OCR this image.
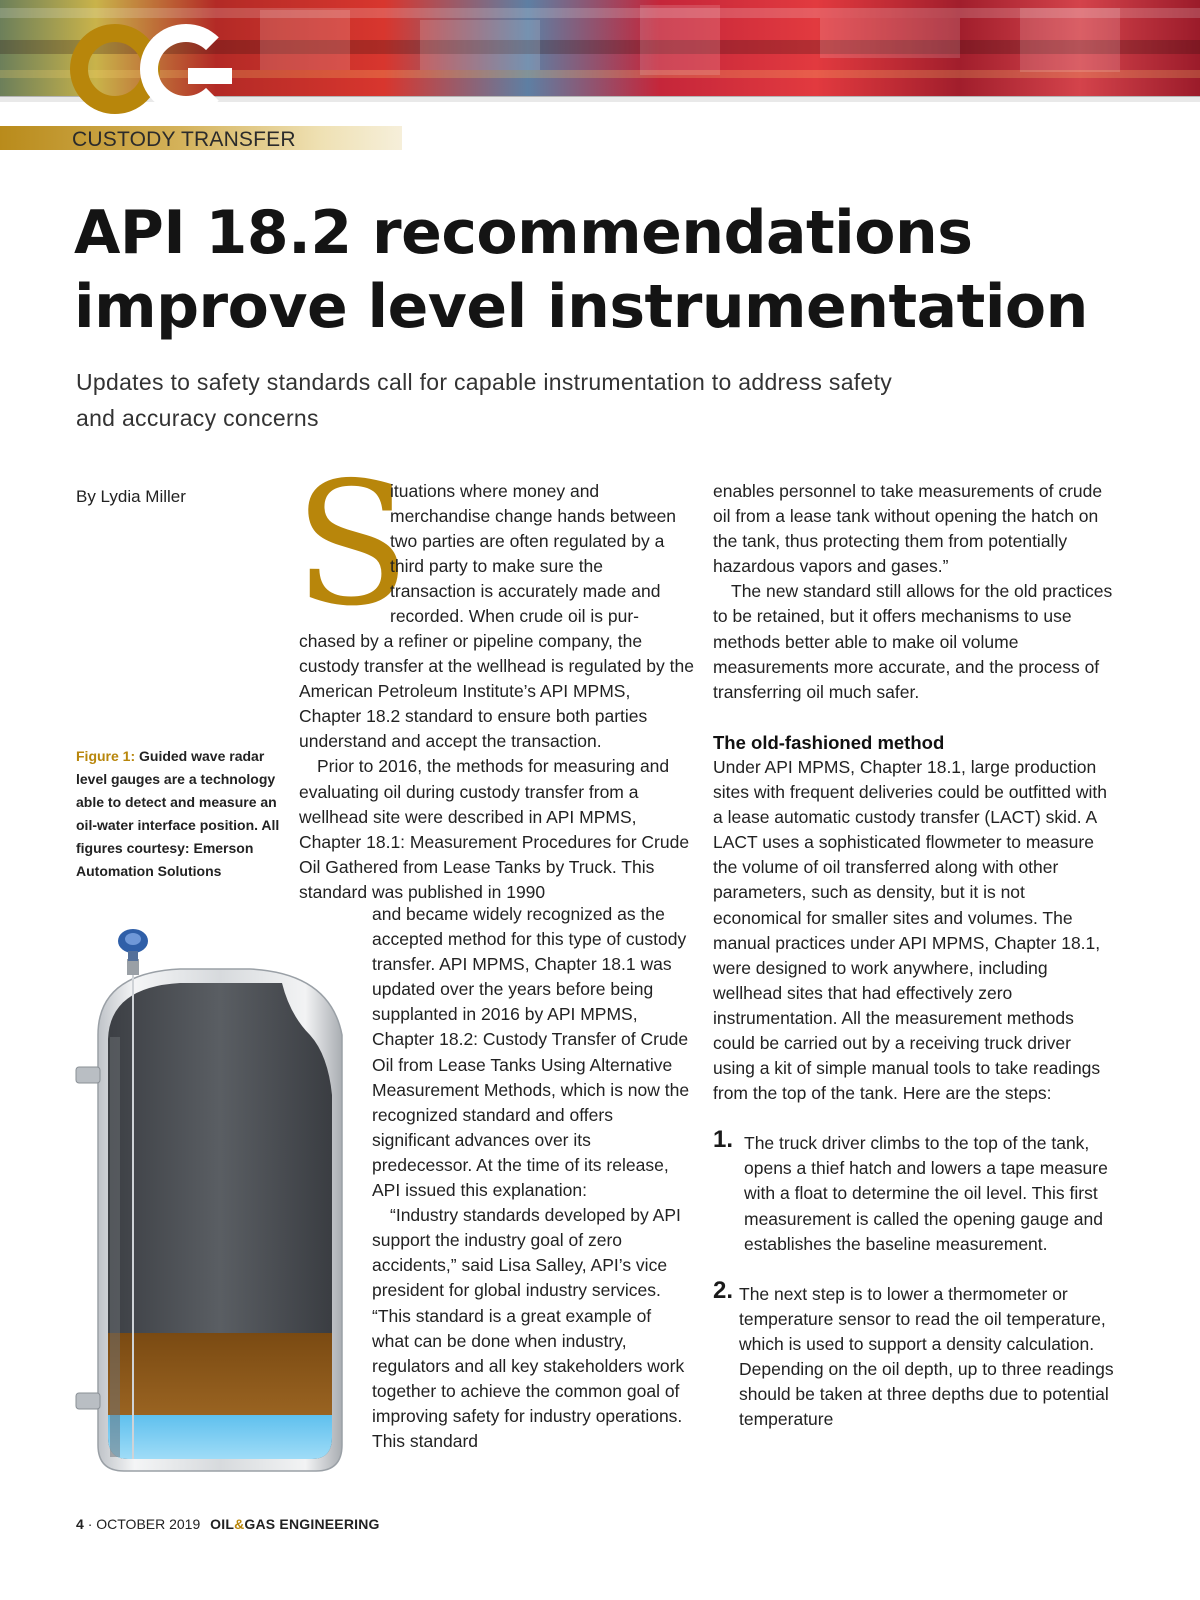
CUSTODY TRANSFER
API 18.2 recommendations improve level instrumentation
Updates to safety standards call for capable instrumentation to address safety and accuracy concerns
By Lydia Miller
Figure 1: Guided wave radar level gauges are a technology able to detect and measure an oil-water interface position. All figures courtesy: Emerson Automation Solutions
S

ituations where money and merchandise change hands between two parties are often regulated by a third party to make sure the transaction is accurately made and recorded. When crude oil is pur-

chased by a refiner or pipeline company, the custody transfer at the wellhead is regulated by the American Petroleum Institute’s API MPMS, Chapter 18.2 standard to ensure both parties understand and accept the transaction.

Prior to 2016, the methods for measuring and evaluating oil during custody transfer from a wellhead site were described in API MPMS, Chapter 18.1: Measurement Procedures for Crude Oil Gathered from Lease Tanks by Truck. This standard was published in 1990

and became widely recognized as the accepted method for this type of custody transfer. API MPMS, Chapter 18.1 was updated over the years before being supplanted in 2016 by API MPMS, Chapter 18.2: Custody Transfer of Crude Oil from Lease Tanks Using Alternative Measurement Methods, which is now the recognized standard and offers significant advances over its predecessor. At the time of its release, API issued this explanation:

“Industry standards developed by API support the industry goal of zero accidents,” said Lisa Salley, API’s vice president for global industry services. “This standard is a great example of what can be done when industry, regulators and all key stakeholders work together to achieve the common goal of improving safety for industry operations. This standard

enables personnel to take measurements of crude oil from a lease tank without opening the hatch on the tank, thus protecting them from potentially hazardous vapors and gases.”

The new standard still allows for the old practices to be retained, but it offers mechanisms to use methods better able to make oil volume measurements more accurate, and the process of transferring oil much safer.

The old-fashioned method

Under API MPMS, Chapter 18.1, large production sites with frequent deliveries could be outfitted with a lease automatic custody transfer (LACT) skid. A LACT uses a sophisticated flowmeter to measure the volume of oil transferred along with other parameters, such as density, but it is not economical for smaller sites and volumes. The manual practices under API MPMS, Chapter 18.1, were designed to work anywhere, including wellhead sites that had effectively zero instrumentation. All the measurement methods could be carried out by a receiving truck driver using a kit of simple manual tools to take readings from the top of the tank. Here are the steps:

1. The truck driver climbs to the top of the tank, opens a thief hatch and lowers a tape measure with a float to determine the oil level. This first measurement is called the opening gauge and establishes the baseline measurement.
2. The next step is to lower a thermometer or temperature sensor to read the oil temperature, which is used to support a density calculation. Depending on the oil depth, up to three readings should be taken at three depths due to potential temperature
4 · OCTOBER 2019 OIL&GAS ENGINEERING
